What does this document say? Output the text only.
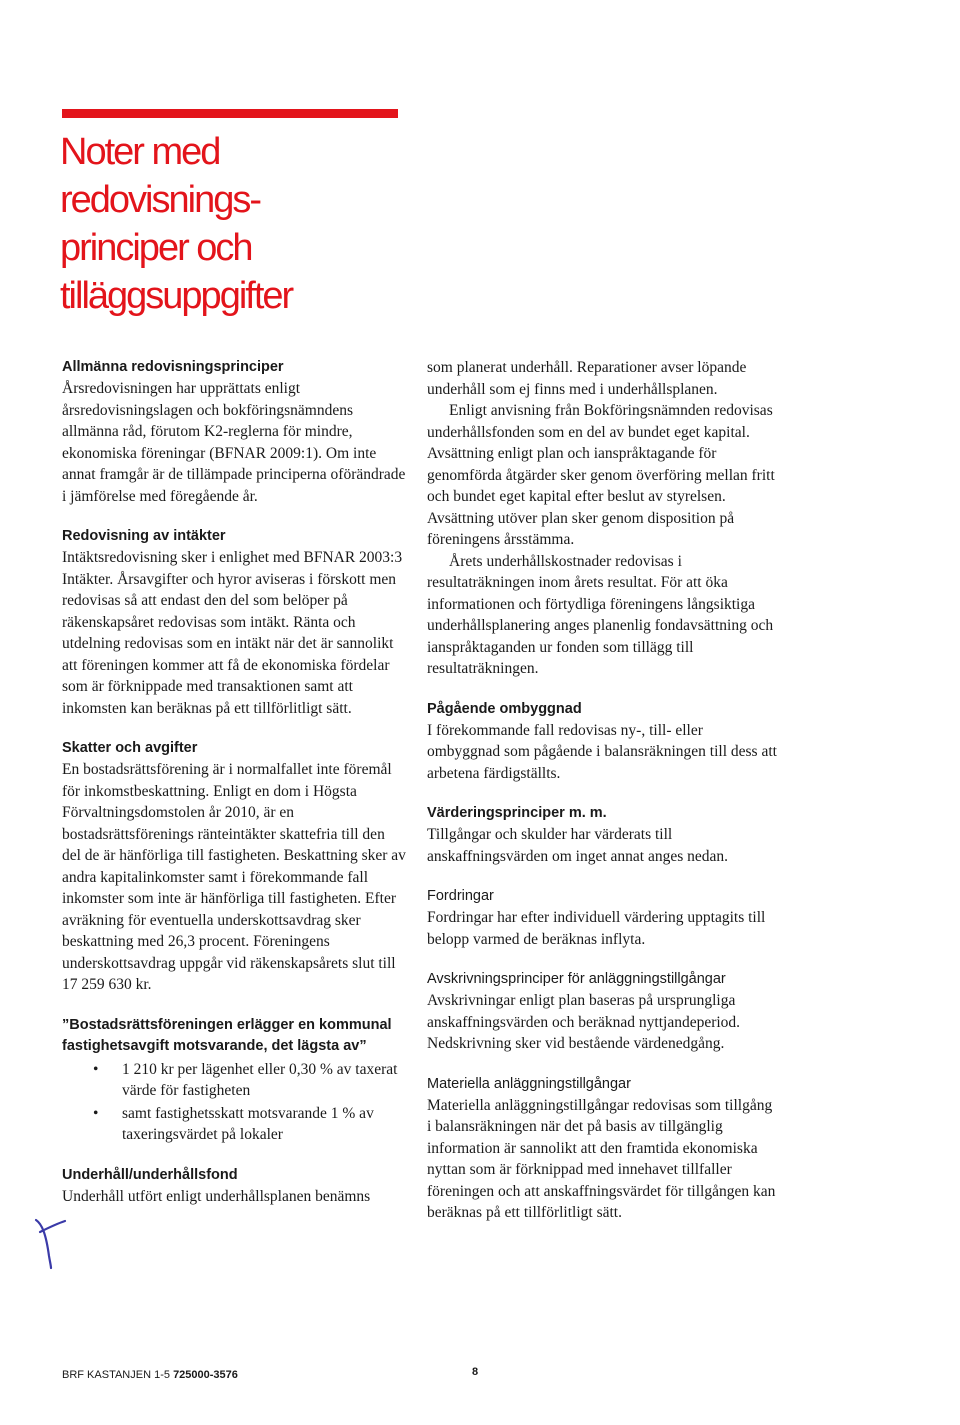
Noter med
redovisnings-
principer och
tilläggsuppgifter

Allmänna redovisningsprinciper

Årsredovisningen har upprättats enligt årsredovisningslagen och bokföringsnämndens allmänna råd, förutom K2-reglerna för mindre, ekonomiska föreningar (BFNAR 2009:1). Om inte annat framgår är de tillämpade principerna oförändrade i jämförelse med föregående år.

Redovisning av intäkter

Intäktsredovisning sker i enlighet med BFNAR 2003:3 Intäkter. Årsavgifter och hyror aviseras i förskott men redovisas så att endast den del som belöper på räkenskapsåret redovisas som intäkt. Ränta och utdelning redovisas som en intäkt när det är sannolikt att föreningen kommer att få de ekonomiska fördelar som är förknippade med transaktionen samt att inkomsten kan beräknas på ett tillförlitligt sätt.

Skatter och avgifter

En bostadsrättsförening är i normalfallet inte föremål för inkomstbeskattning. Enligt en dom i Högsta Förvaltningsdomstolen år 2010, är en bostadsrättsförenings ränteintäkter skattefria till den del de är hänförliga till fastigheten. Beskattning sker av andra kapitalinkomster samt i förekommande fall inkomster som inte är hänförliga till fastigheten. Efter avräkning för eventuella underskottsavdrag sker beskattning med 26,3 procent. Föreningens underskottsavdrag uppgår vid räkenskapsårets slut till 17 259 630 kr.

”Bostadsrättsföreningen erlägger en kommunal fastighetsavgift motsvarande, det lägsta av”

• 1 210 kr per lägenhet eller 0,30 % av taxerat värde för fastigheten
• samt fastighetsskatt motsvarande 1 % av taxeringsvärdet på lokaler

Underhåll/underhållsfond

Underhåll utfört enligt underhållsplanen benämns

som planerat underhåll. Reparationer avser löpande underhåll som ej finns med i underhållsplanen.

Enligt anvisning från Bokföringsnämnden redovisas underhållsfonden som en del av bundet eget kapital. Avsättning enligt plan och ianspråktagande för genomförda åtgärder sker genom överföring mellan fritt och bundet eget kapital efter beslut av styrelsen. Avsättning utöver plan sker genom disposition på föreningens årsstämma.

Årets underhållskostnader redovisas i resultaträkningen inom årets resultat. För att öka informationen och förtydliga föreningens långsiktiga underhållsplanering anges planenlig fondavsättning och ianspråktaganden ur fonden som tillägg till resultaträkningen.

Pågående ombyggnad

I förekommande fall redovisas ny-, till- eller ombyggnad som pågående i balansräkningen till dess att arbetena färdigställts.

Värderingsprinciper m. m.

Tillgångar och skulder har värderats till anskaffningsvärden om inget annat anges nedan.

Fordringar

Fordringar har efter individuell värdering upptagits till belopp varmed de beräknas inflyta.

Avskrivningsprinciper för anläggningstillgångar

Avskrivningar enligt plan baseras på ursprungliga anskaffningsvärden och beräknad nyttjandeperiod. Nedskrivning sker vid bestående värdenedgång.

Materiella anläggningstillgångar

Materiella anläggningstillgångar redovisas som tillgång i balansräkningen när det på basis av tillgänglig information är sannolikt att den framtida ekonomiska nyttan som är förknippad med innehavet tillfaller föreningen och att anskaffningsvärdet för tillgången kan beräknas på ett tillförlitligt sätt.

BRF KASTANJEN 1-5 725000-3576	8
